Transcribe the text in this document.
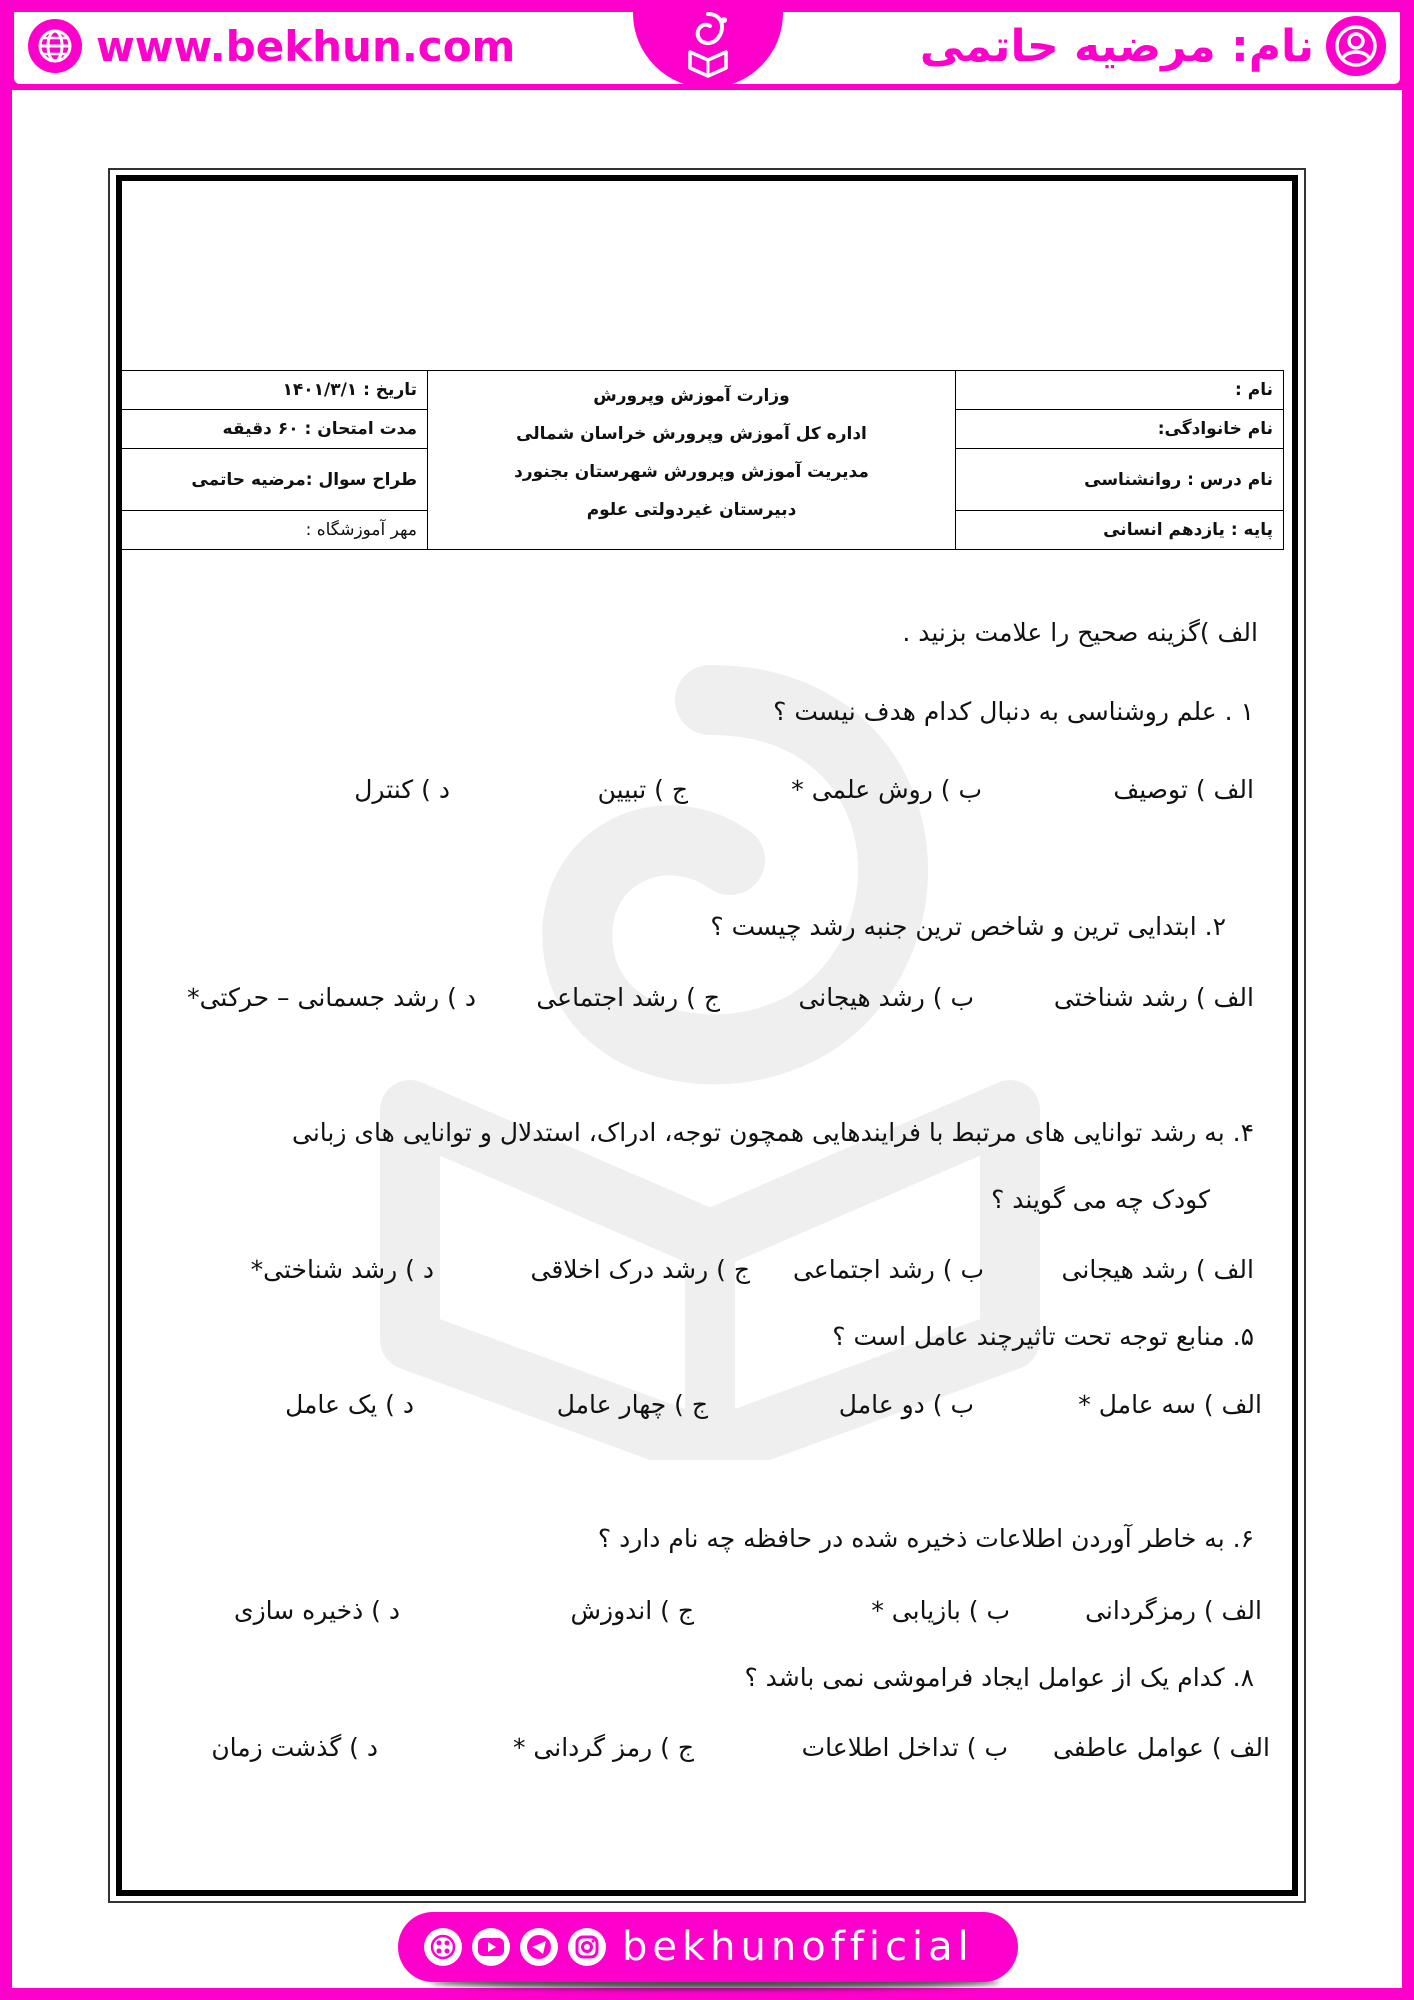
www.bekhun.com	نام: مرضیه حاتمی
نام :
نام خانوادگی:
نام درس : روانشناسی
پایه : یازدهم انسانی
وزارت آموزش وپرورش
اداره کل آموزش وپرورش خراسان شمالی
مدیریت آموزش وپرورش شهرستان بجنورد
دبیرستان غیردولتی علوم
تاریخ : ۱۴۰۱/۳/۱
مدت امتحان : ۶۰ دقیقه
طراح سوال :مرضیه حاتمی
مهر آموزشگاه :
الف )گزینه صحیح را علامت بزنید .
۱ . علم روشناسی به دنبال کدام هدف نیست ؟
الف ) توصیف
ب ) روش علمی *
ج ) تبیین
د ) کنترل
۲. ابتدایی ترین و شاخص ترین جنبه رشد چیست ؟
الف ) رشد شناختی
ب ) رشد هیجانی
ج ) رشد اجتماعی
د ) رشد جسمانی – حرکتی*
۴. به رشد توانایی های مرتبط با فرایندهایی همچون توجه، ادراک، استدلال و توانایی های زبانی
کودک چه می گویند ؟
الف ) رشد هیجانی
ب ) رشد اجتماعی
ج ) رشد درک اخلاقی
د ) رشد شناختی*
۵. منابع توجه تحت تاثیرچند عامل است ؟
الف ) سه عامل *
ب ) دو عامل
ج ) چهار عامل
د ) یک عامل
۶. به خاطر آوردن اطلاعات ذخیره شده در حافظه چه نام دارد ؟
الف ) رمزگردانی
ب ) بازیابی *
ج ) اندوزش
د ) ذخیره سازی
۸. کدام یک از عوامل ایجاد فراموشی نمی باشد ؟
الف ) عوامل عاطفی
ب ) تداخل اطلاعات
ج ) رمز گردانی *
د ) گذشت زمان
bekhunofficial
